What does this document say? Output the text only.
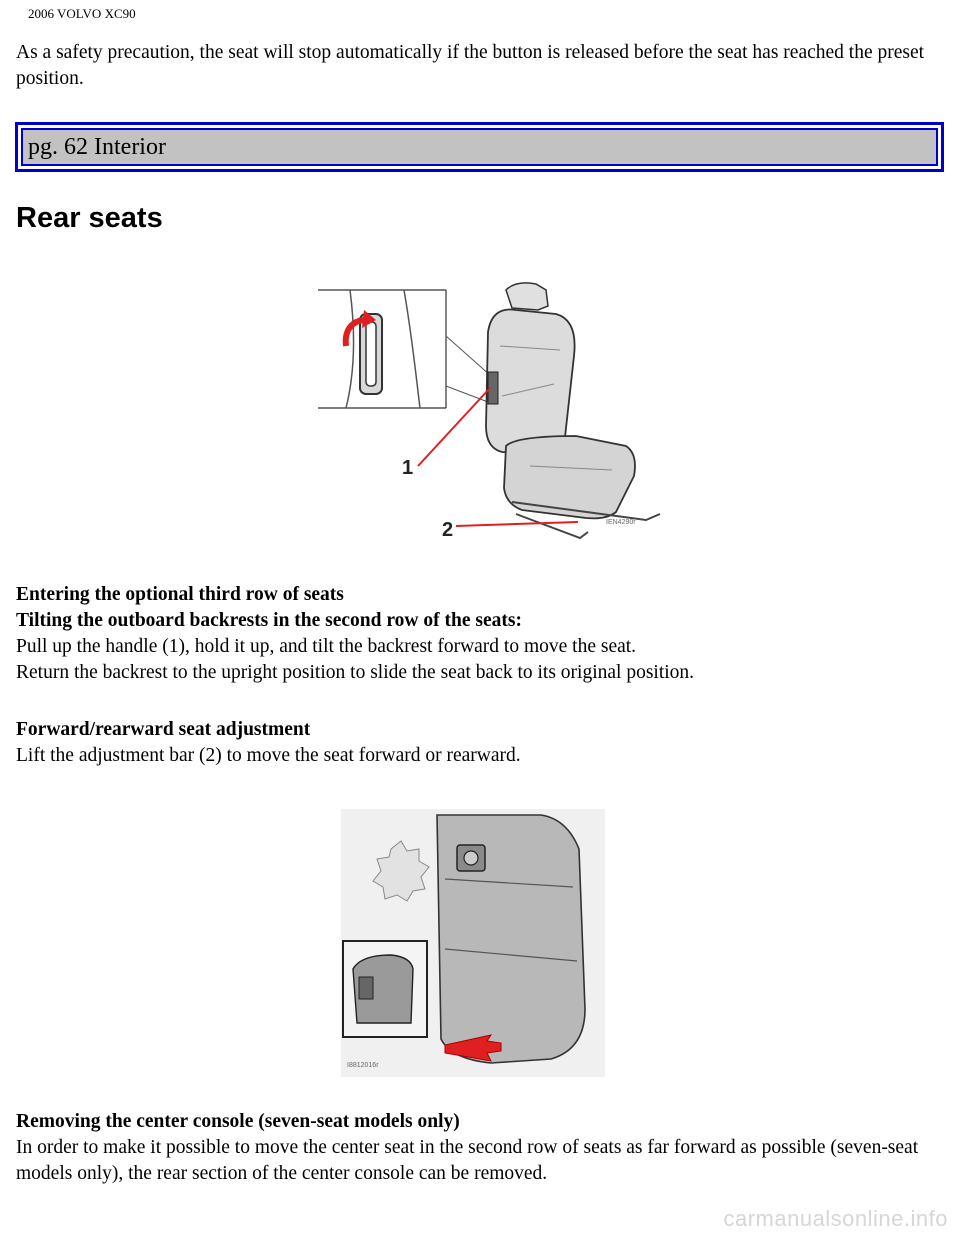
2006 VOLVO XC90

As a safety precaution, the seat will stop automatically if the button is released before the seat has reached the preset position.

pg. 62 Interior
Rear seats
1
2	IEN4290r
Entering the optional third row of seats
Tilting the outboard backrests in the second row of the seats:
Pull up the handle (1), hold it up, and tilt the backrest forward to move the seat.
Return the backrest to the upright position to slide the seat back to its original position.
Forward/rearward seat adjustment
Lift the adjustment bar (2) to move the seat forward or rearward.
I8812016r
Removing the center console (seven-seat models only)
In order to make it possible to move the center seat in the second row of seats as far forward as possible (seven-seat models only), the rear section of the center console can be removed.
carmanualsonline.info
